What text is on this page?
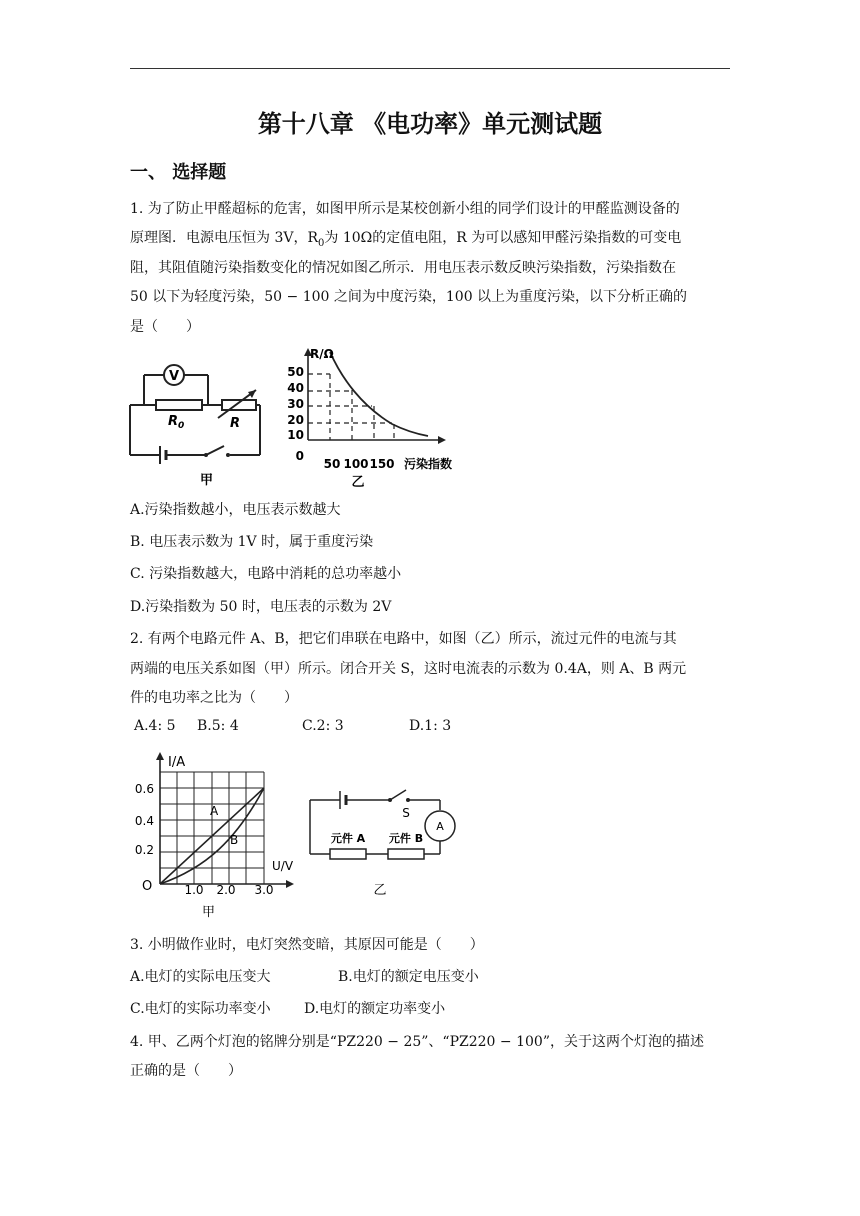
第十八章 《电功率》单元测试题
一、 选择题
1. 为了防止甲醛超标的危害，如图甲所示是某校创新小组的同学们设计的甲醛监测设备的
原理图．电源电压恒为 3V，$R_0$为 10Ω的定值电阻，R 为可以感知甲醛污染指数的可变电
阻，其阻值随污染指数变化的情况如图乙所示．用电压表示数反映污染指数，污染指数在
50 以下为轻度污染，50 − 100 之间为中度污染，100 以上为重度污染，以下分析正确的
是（　　）
V
$R_0$	R
甲
R/Ω
50
40
30
20
10
0
50 100 150 污染指数
乙
A.污染指数越小，电压表示数越大
B. 电压表示数为 1V 时，属于重度污染
C. 污染指数越大，电路中消耗的总功率越小
D.污染指数为 50 时，电压表的示数为 2V
2. 有两个电路元件 A、B，把它们串联在电路中，如图（乙）所示，流过元件的电流与其
两端的电压关系如图（甲）所示。闭合开关 S，这时电流表的示数为 0.4A，则 A、B 两元
件的电功率之比为（　　）
A.4: 5 B.5: 4	C.2: 3	D.1: 3
I/A
0.6
0.4
0.2
O	1.0 2.0 3.0
U/V
A
B
甲
S
A
元件 A 元件 B
乙
3. 小明做作业时，电灯突然变暗，其原因可能是（　　）
A.电灯的实际电压变大	B.电灯的额定电压变小
C.电灯的实际功率变小 D.电灯的额定功率变小
4. 甲、乙两个灯泡的铭牌分别是“PZ220 − 25”、“PZ220 − 100”，关于这两个灯泡的描述
正确的是（　　）
